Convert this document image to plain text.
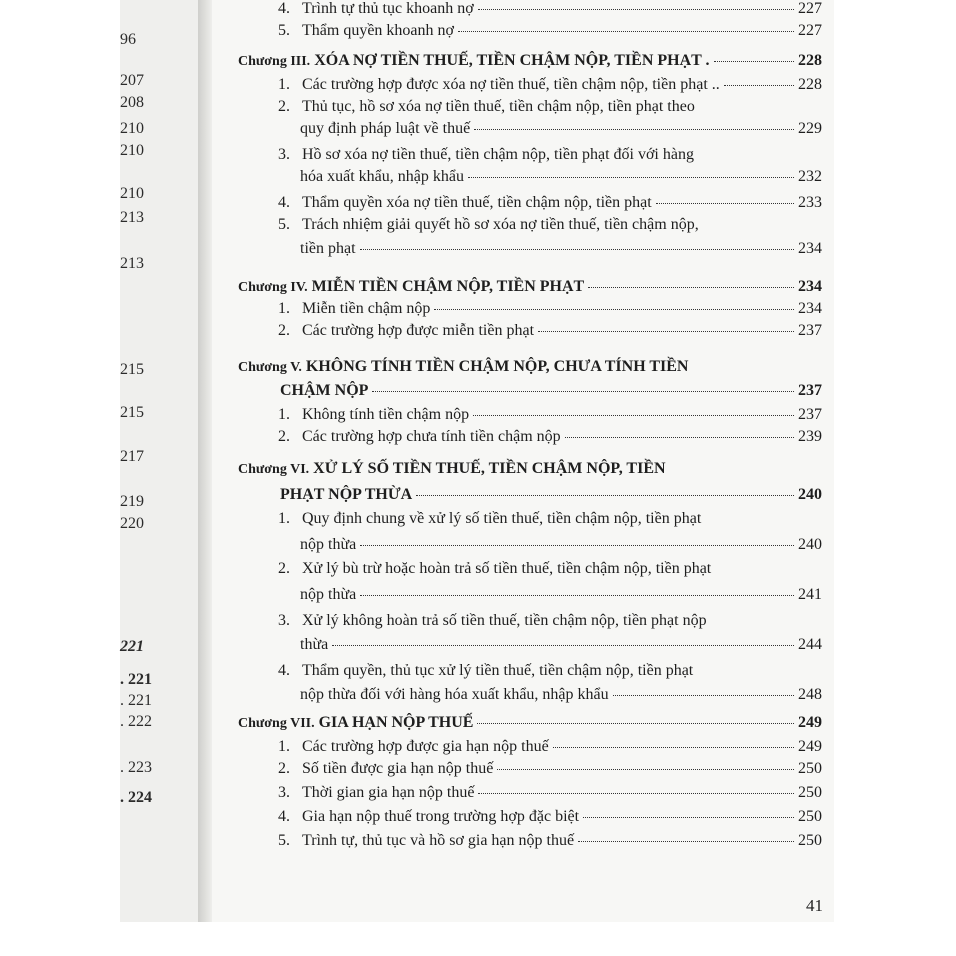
96
207
208
210
210
210
213
213
215
215
217
219
220
221
. 221
. 221
. 222
. 223
. 224
4. Trình tự thủ tục khoanh nợ	227
5. Thẩm quyền khoanh nợ	227
Chương III. XÓA NỢ TIỀN THUẾ, TIỀN CHẬM NỘP, TIỀN PHẠT .	228
1. Các trường hợp được xóa nợ tiền thuế, tiền chậm nộp, tiền phạt ..	228
2. Thủ tục, hồ sơ xóa nợ tiền thuế, tiền chậm nộp, tiền phạt theo
quy định pháp luật về thuế	229
3. Hồ sơ xóa nợ tiền thuế, tiền chậm nộp, tiền phạt đối với hàng
hóa xuất khẩu, nhập khẩu	232
4. Thẩm quyền xóa nợ tiền thuế, tiền chậm nộp, tiền phạt	233
5. Trách nhiệm giải quyết hồ sơ xóa nợ tiền thuế, tiền chậm nộp,
tiền phạt	234
Chương IV. MIỄN TIỀN CHẬM NỘP, TIỀN PHẠT	234
1. Miễn tiền chậm nộp	234
2. Các trường hợp được miễn tiền phạt	237
Chương V. KHÔNG TÍNH TIỀN CHẬM NỘP, CHƯA TÍNH TIỀN
CHẬM NỘP	237
1. Không tính tiền chậm nộp	237
2. Các trường hợp chưa tính tiền chậm nộp	239
Chương VI. XỬ LÝ SỐ TIỀN THUẾ, TIỀN CHẬM NỘP, TIỀN
PHẠT NỘP THỪA	240
1. Quy định chung về xử lý số tiền thuế, tiền chậm nộp, tiền phạt
nộp thừa	240
2. Xử lý bù trừ hoặc hoàn trả số tiền thuế, tiền chậm nộp, tiền phạt
nộp thừa	241
3. Xử lý không hoàn trả số tiền thuế, tiền chậm nộp, tiền phạt nộp
thừa	244
4. Thẩm quyền, thủ tục xử lý tiền thuế, tiền chậm nộp, tiền phạt
nộp thừa đối với hàng hóa xuất khẩu, nhập khẩu	248
Chương VII. GIA HẠN NỘP THUẾ	249
1. Các trường hợp được gia hạn nộp thuế	249
2. Số tiền được gia hạn nộp thuế	250
3. Thời gian gia hạn nộp thuế	250
4. Gia hạn nộp thuế trong trường hợp đặc biệt	250
5. Trình tự, thủ tục và hồ sơ gia hạn nộp thuế	250
41
